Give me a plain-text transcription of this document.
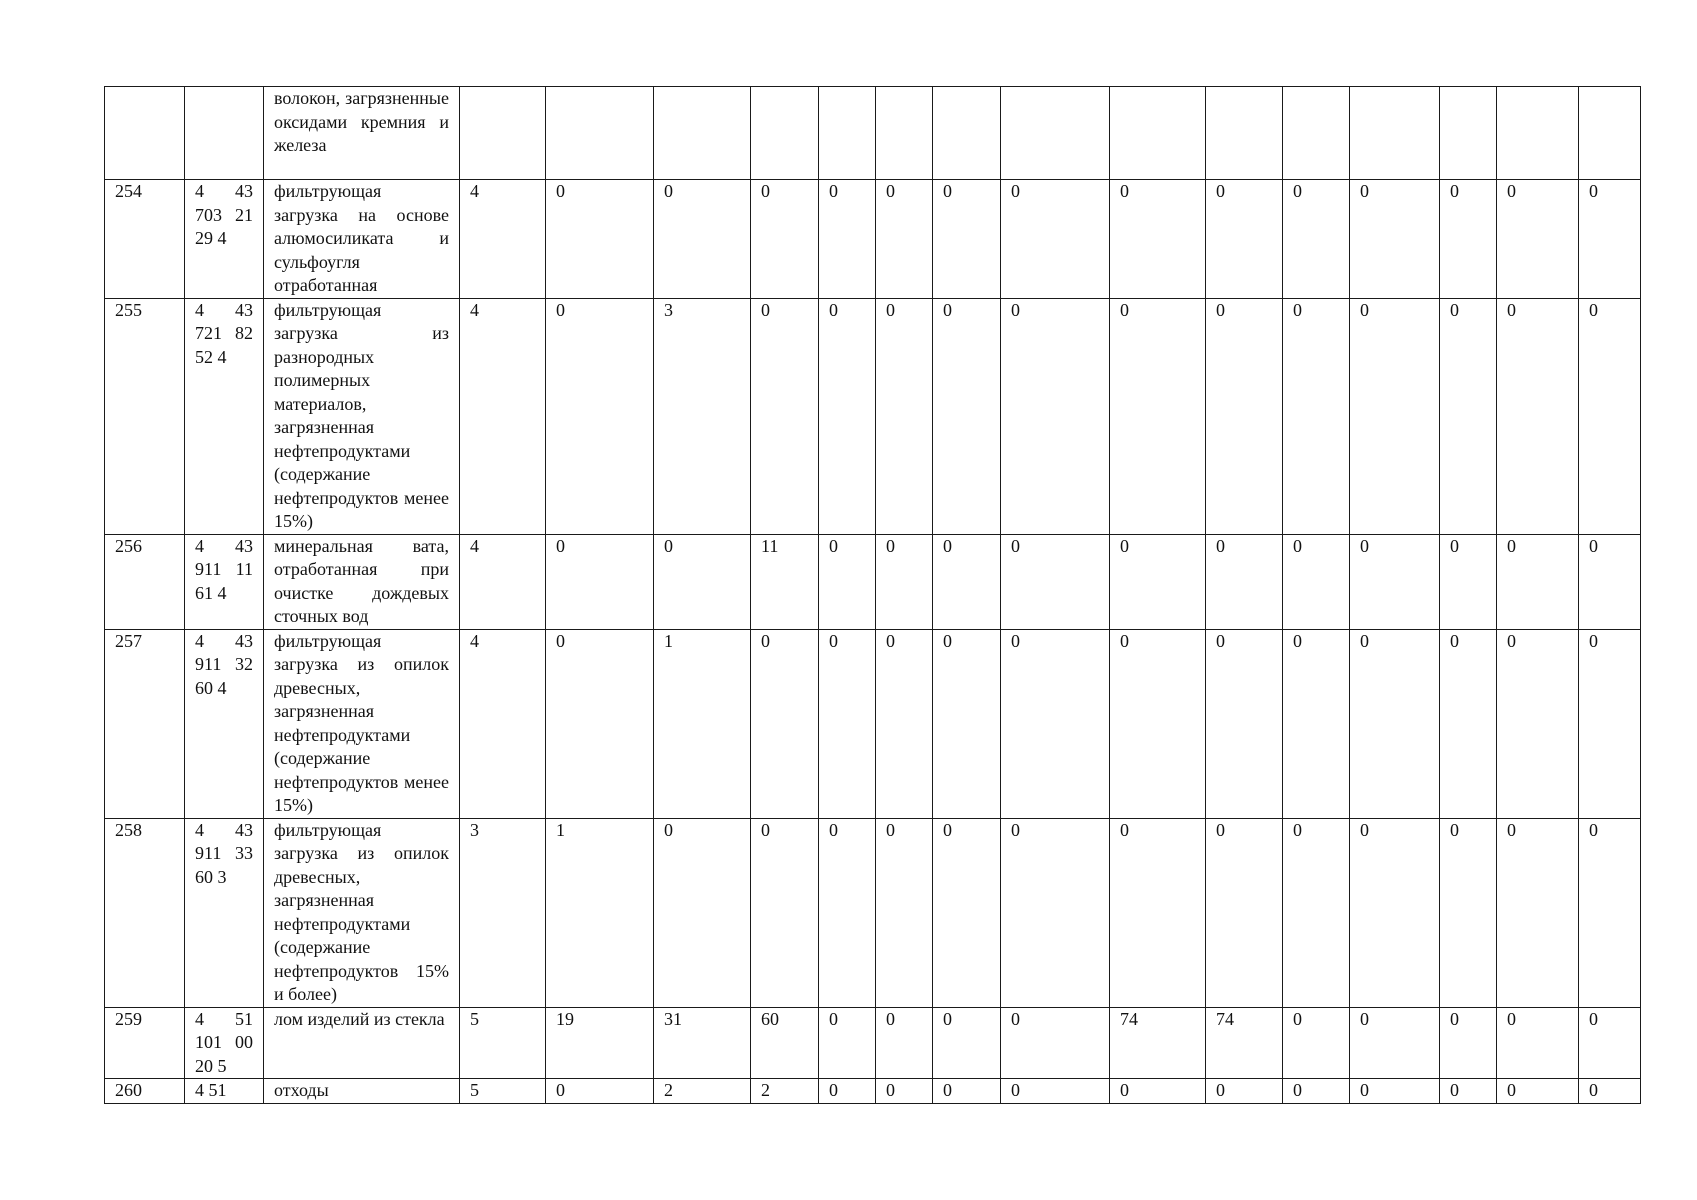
		волокон, загрязненные оксидами кремния и железа															
254	4 43 703 21 29 4	фильтрующая загрузка на основе алюмосиликата и сульфоугля отработанная	4	0	0	0	0	0	0	0	0	0	0	0	0	0	0
255	4 43 721 82 52 4	фильтрующая загрузка из разнородных полимерных материалов, загрязненная нефтепродуктами (содержание нефтепродуктов менее 15%)	4	0	3	0	0	0	0	0	0	0	0	0	0	0	0
256	4 43 911 11 61 4	минеральная вата, отработанная при очистке дождевых сточных вод	4	0	0	11	0	0	0	0	0	0	0	0	0	0	0
257	4 43 911 32 60 4	фильтрующая загрузка из опилок древесных, загрязненная нефтепродуктами (содержание нефтепродуктов менее 15%)	4	0	1	0	0	0	0	0	0	0	0	0	0	0	0
258	4 43 911 33 60 3	фильтрующая загрузка из опилок древесных, загрязненная нефтепродуктами (содержание нефтепродуктов 15% и более)	3	1	0	0	0	0	0	0	0	0	0	0	0	0	0
259	4 51 101 00 20 5	лом изделий из стекла	5	19	31	60	0	0	0	0	74	74	0	0	0	0	0
260	4 51	отходы	5	0	2	2	0	0	0	0	0	0	0	0	0	0	0
